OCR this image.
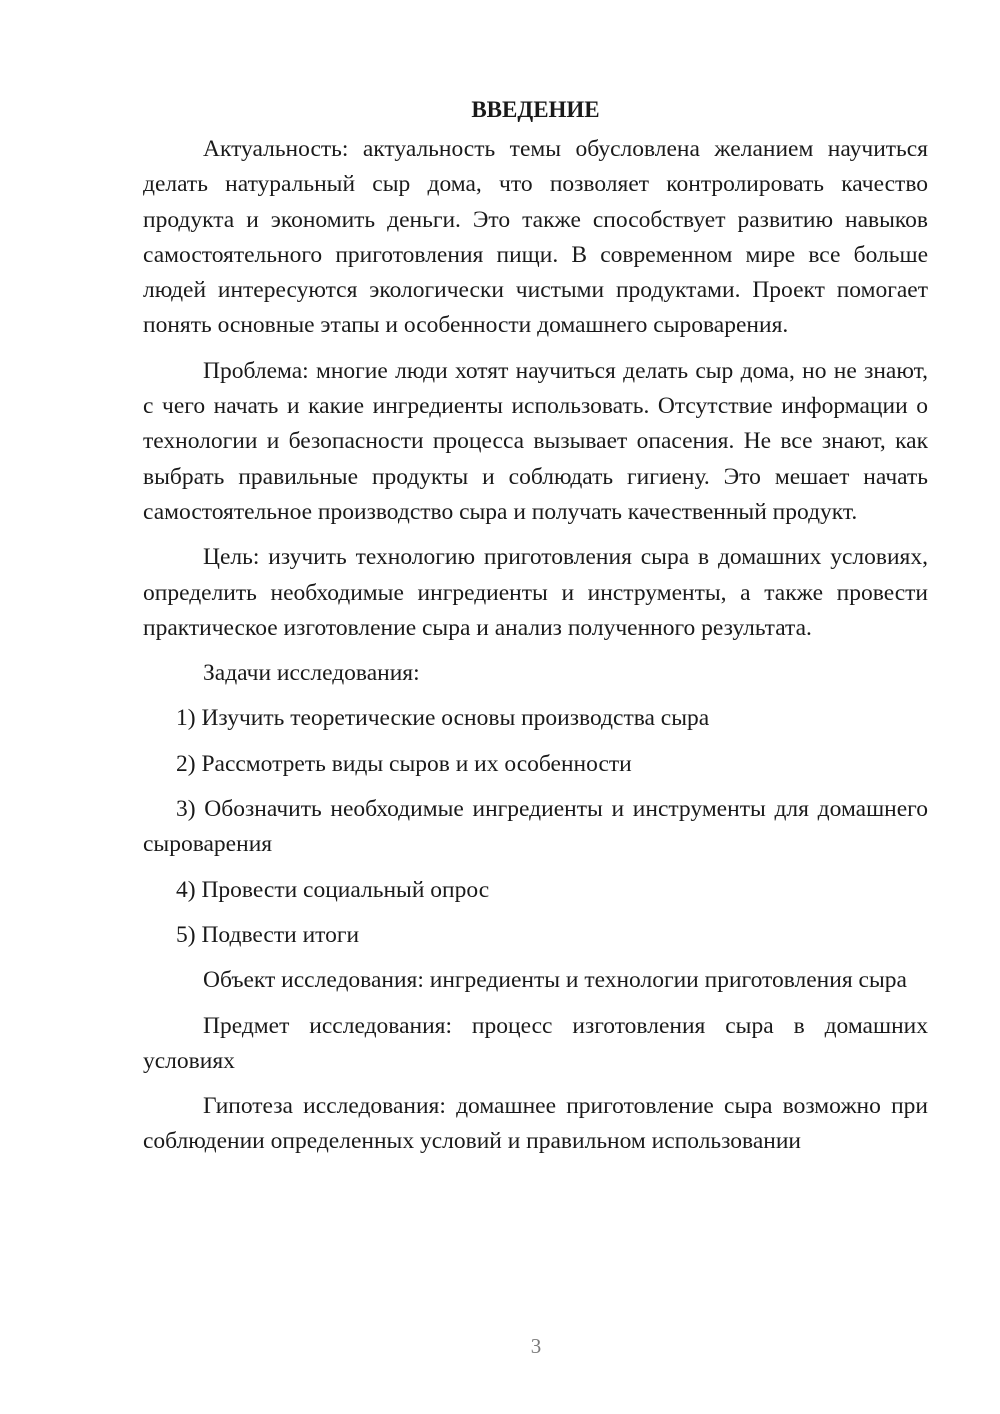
ВВЕДЕНИЕ

Актуальность: актуальность темы обусловлена желанием научиться делать натуральный сыр дома, что позволяет контролировать качество продукта и экономить деньги. Это также способствует развитию навыков самостоятельного приготовления пищи. В современном мире все больше людей интересуются экологически чистыми продуктами. Проект помогает понять основные этапы и особенности домашнего сыроварения.

Проблема: многие люди хотят научиться делать сыр дома, но не знают, с чего начать и какие ингредиенты использовать. Отсутствие информации о технологии и безопасности процесса вызывает опасения. Не все знают, как выбрать правильные продукты и соблюдать гигиену. Это мешает начать самостоятельное производство сыра и получать качественный продукт.

Цель: изучить технологию приготовления сыра в домашних условиях, определить необходимые ингредиенты и инструменты, а также провести практическое изготовление сыра и анализ полученного результата.

Задачи исследования:

1) Изучить теоретические основы производства сыра

2) Рассмотреть виды сыров и их особенности

3) Обозначить необходимые ингредиенты и инструменты для домашнего сыроварения

4) Провести социальный опрос

5) Подвести итоги

Объект исследования: ингредиенты и технологии приготовления сыра

Предмет исследования: процесс изготовления сыра в домашних условиях

Гипотеза исследования: домашнее приготовление сыра возможно при соблюдении определенных условий и правильном использовании

3
